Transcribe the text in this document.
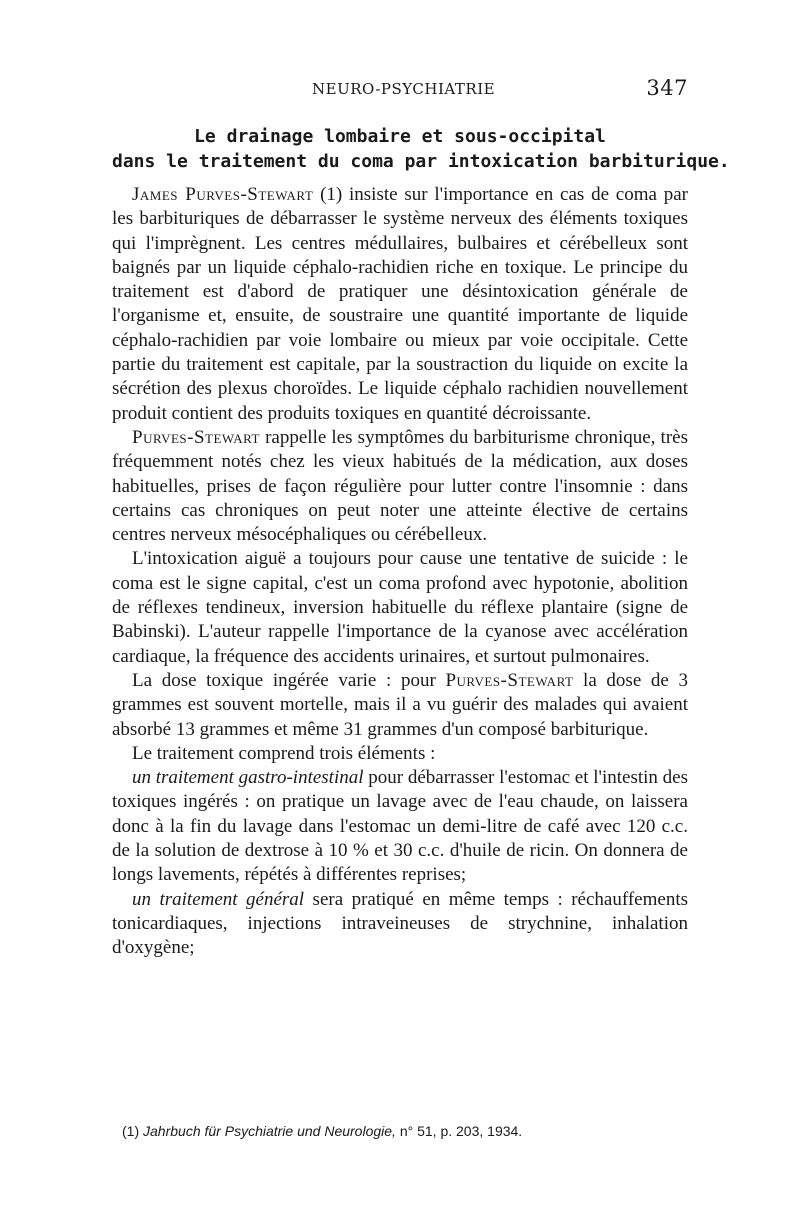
NEURO-PSYCHIATRIE	347
Le drainage lombaire et sous-occipital
dans le traitement du coma par intoxication barbiturique.

James Purves-Stewart (1) insiste sur l'importance en cas de coma par les barbituriques de débarrasser le système nerveux des éléments toxiques qui l'imprègnent. Les centres médullaires, bulbaires et cérébelleux sont baignés par un liquide céphalo-rachidien riche en toxique. Le principe du traitement est d'abord de pratiquer une désintoxication générale de l'organisme et, ensuite, de soustraire une quantité importante de liquide céphalo-rachidien par voie lombaire ou mieux par voie occipitale. Cette partie du traitement est capitale, par la soustraction du liquide on excite la sécrétion des plexus choroïdes. Le liquide céphalo rachidien nouvellement produit contient des produits toxiques en quantité décroissante.

Purves-Stewart rappelle les symptômes du barbiturisme chronique, très fréquemment notés chez les vieux habitués de la médication, aux doses habituelles, prises de façon régulière pour lutter contre l'insomnie : dans certains cas chroniques on peut noter une atteinte élective de certains centres nerveux mésocéphaliques ou cérébelleux.

L'intoxication aiguë a toujours pour cause une tentative de suicide : le coma est le signe capital, c'est un coma profond avec hypotonie, abolition de réflexes tendineux, inversion habituelle du réflexe plantaire (signe de Babinski). L'auteur rappelle l'importance de la cyanose avec accélération cardiaque, la fréquence des accidents urinaires, et surtout pulmonaires.

La dose toxique ingérée varie : pour Purves-Stewart la dose de 3 grammes est souvent mortelle, mais il a vu guérir des malades qui avaient absorbé 13 grammes et même 31 grammes d'un composé barbiturique.

Le traitement comprend trois éléments :

un traitement gastro-intestinal pour débarrasser l'estomac et l'intestin des toxiques ingérés : on pratique un lavage avec de l'eau chaude, on laissera donc à la fin du lavage dans l'estomac un demi-litre de café avec 120 c.c. de la solution de dextrose à 10 % et 30 c.c. d'huile de ricin. On donnera de longs lavements, répétés à différentes reprises;

un traitement général sera pratiqué en même temps : réchauffements tonicardiaques, injections intraveineuses de strychnine, inhalation d'oxygène;

(1) Jahrbuch für Psychiatrie und Neurologie, n° 51, p. 203, 1934.
